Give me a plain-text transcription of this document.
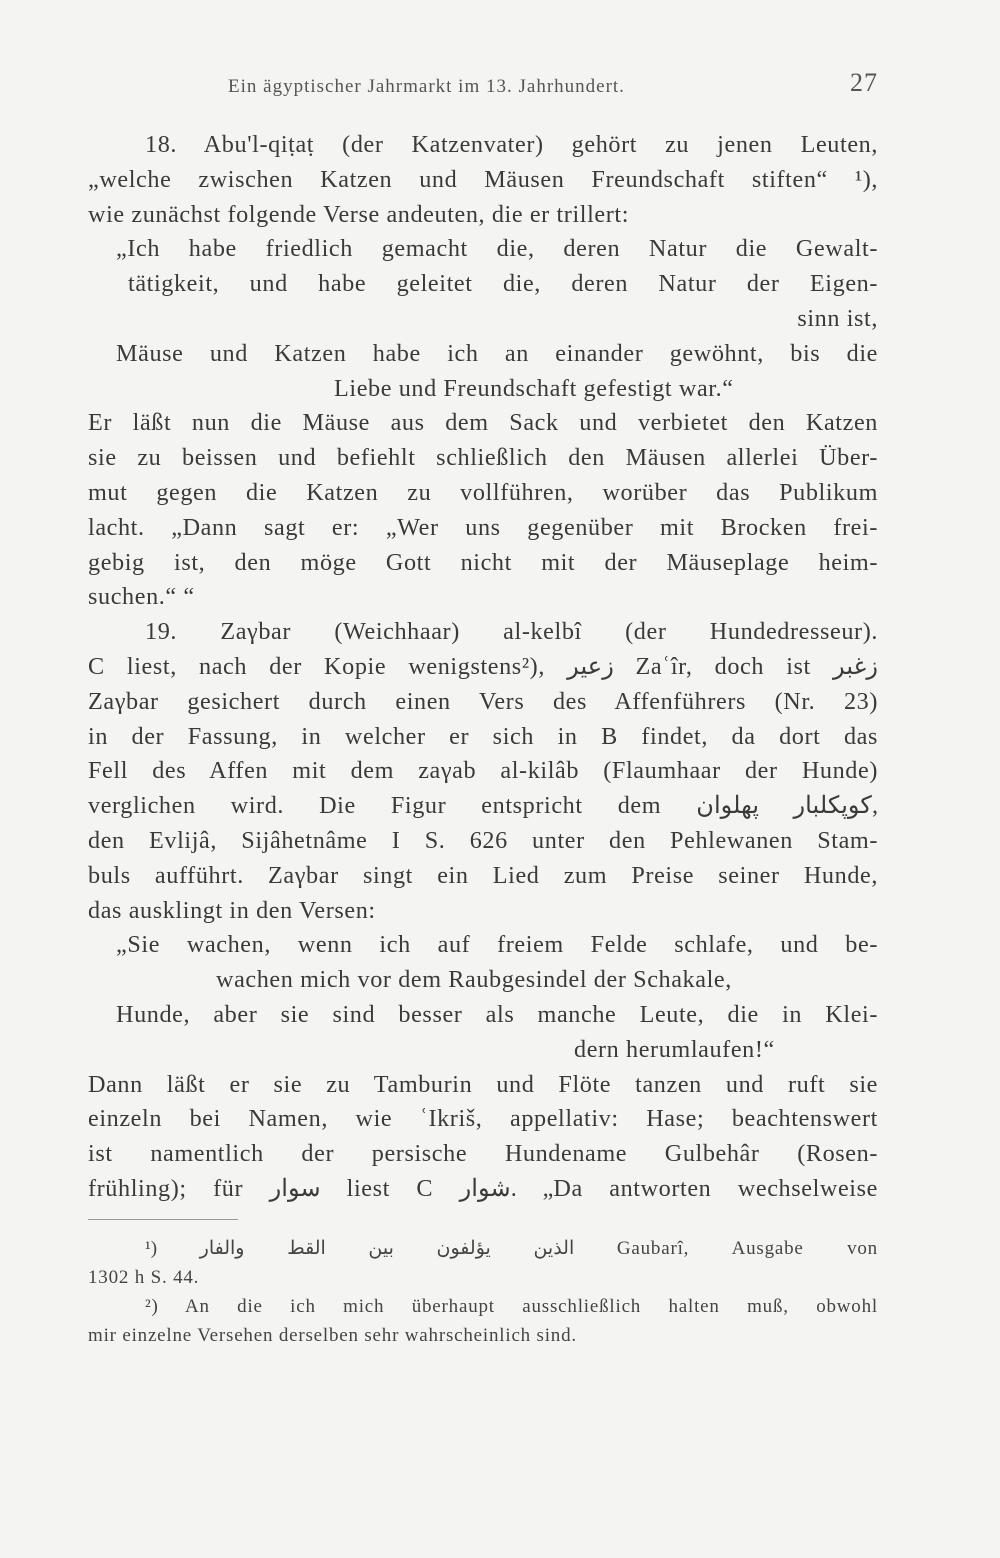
Ein ägyptischer Jahrmarkt im 13. Jahrhundert.	27
18. Abu'l-qiṭaṭ (der Katzenvater) gehört zu jenen Leuten,
„welche zwischen Katzen und Mäusen Freundschaft stiften“ ¹),
wie zunächst folgende Verse andeuten, die er trillert:
„Ich habe friedlich gemacht die, deren Natur die Gewalt-
tätigkeit, und habe geleitet die, deren Natur der Eigen-
sinn ist,
Mäuse und Katzen habe ich an einander gewöhnt, bis die
Liebe und Freundschaft gefestigt war.“
Er läßt nun die Mäuse aus dem Sack und verbietet den Katzen
sie zu beissen und befiehlt schließlich den Mäusen allerlei Über-
mut gegen die Katzen zu vollführen, worüber das Publikum
lacht. „Dann sagt er: „Wer uns gegenüber mit Brocken frei-
gebig ist, den möge Gott nicht mit der Mäuseplage heim-
suchen.“ “
19. Zaγbar (Weichhaar) al-kelbî (der Hundedresseur).
C liest, nach der Kopie wenigstens²), زعير Zaʿîr, doch ist زغبر
Zaγbar gesichert durch einen Vers des Affenführers (Nr. 23)
in der Fassung, in welcher er sich in B findet, da dort das
Fell des Affen mit dem zaγab al-kilâb (Flaumhaar der Hunde)
verglichen wird. Die Figur entspricht dem كوپكلبار پهلوان,
den Evlijâ, Sijâhetnâme I S. 626 unter den Pehlewanen Stam-
buls aufführt. Zaγbar singt ein Lied zum Preise seiner Hunde,
das ausklingt in den Versen:
„Sie wachen, wenn ich auf freiem Felde schlafe, und be-
wachen mich vor dem Raubgesindel der Schakale,
Hunde, aber sie sind besser als manche Leute, die in Klei-
dern herumlaufen!“
Dann läßt er sie zu Tamburin und Flöte tanzen und ruft sie
einzeln bei Namen, wie ʿIkriš, appellativ: Hase; beachtenswert
ist namentlich der persische Hundename Gulbehâr (Rosen-
frühling); für سوار liest C شوار. „Da antworten wechselweise
¹) الذين يؤلفون بين القط والفار Gaubarî, Ausgabe von
1302 h S. 44.
²) An die ich mich überhaupt ausschließlich halten muß, obwohl
mir einzelne Versehen derselben sehr wahrscheinlich sind.
